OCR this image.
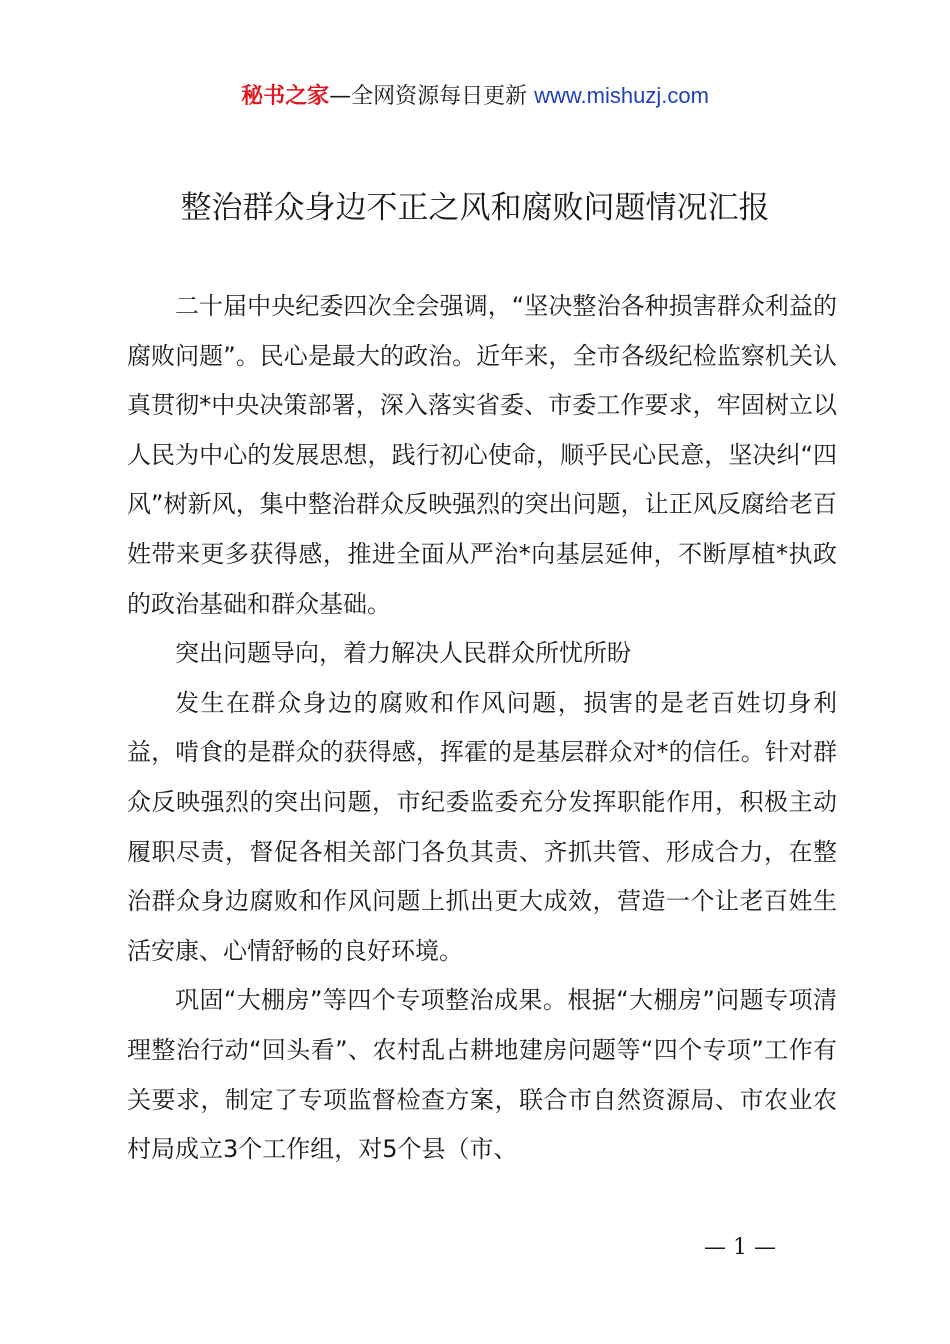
秘书之家—全网资源每日更新 www.mishuzj.com
整治群众身边不正之风和腐败问题情况汇报

二十届中央纪委四次全会强调，“坚决整治各种损害群众利益的腐败问题”。民心是最大的政治。近年来，全市各级纪检监察机关认真贯彻*中央决策部署，深入落实省委、市委工作要求，牢固树立以人民为中心的发展思想，践行初心使命，顺乎民心民意，坚决纠“四风”树新风，集中整治群众反映强烈的突出问题，让正风反腐给老百姓带来更多获得感，推进全面从严治*向基层延伸，不断厚植*执政的政治基础和群众基础。

突出问题导向，着力解决人民群众所忧所盼

发生在群众身边的腐败和作风问题，损害的是老百姓切身利益，啃食的是群众的获得感，挥霍的是基层群众对*的信任。针对群众反映强烈的突出问题，市纪委监委充分发挥职能作用，积极主动履职尽责，督促各相关部门各负其责、齐抓共管、形成合力，在整治群众身边腐败和作风问题上抓出更大成效，营造一个让老百姓生活安康、心情舒畅的良好环境。

巩固“大棚房”等四个专项整治成果。根据“大棚房”问题专项清理整治行动“回头看”、农村乱占耕地建房问题等“四个专项”工作有关要求，制定了专项监督检查方案，联合市自然资源局、市农业农村局成立3个工作组，对5个县（市、

— 1 —
